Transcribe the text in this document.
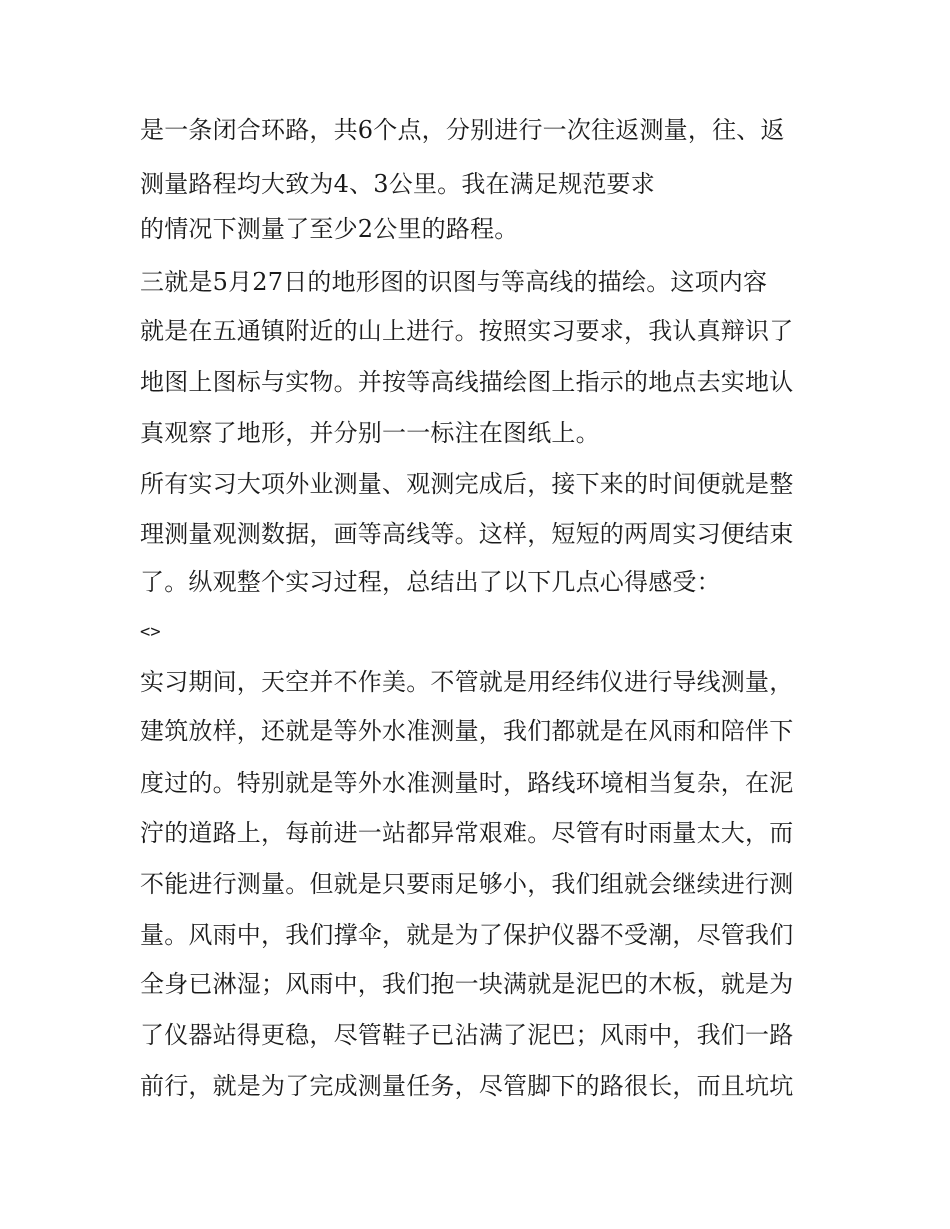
是一条闭合环路，共6个点，分别进行一次往返测量，往、返
测量路程均大致为4、3公里。我在满足规范要求
的情况下测量了至少2公里的路程。
三就是5月27日的地形图的识图与等高线的描绘。这项内容
就是在五通镇附近的山上进行。按照实习要求，我认真辩识了
地图上图标与实物。并按等高线描绘图上指示的地点去实地认
真观察了地形，并分别一一标注在图纸上。
所有实习大项外业测量、观测完成后，接下来的时间便就是整
理测量观测数据，画等高线等。这样，短短的两周实习便结束
了。纵观整个实习过程，总结出了以下几点心得感受：
<>
实习期间，天空并不作美。不管就是用经纬仪进行导线测量，
建筑放样，还就是等外水准测量，我们都就是在风雨和陪伴下
度过的。特别就是等外水准测量时，路线环境相当复杂，在泥
泞的道路上，每前进一站都异常艰难。尽管有时雨量太大，而
不能进行测量。但就是只要雨足够小，我们组就会继续进行测
量。风雨中，我们撑伞，就是为了保护仪器不受潮，尽管我们
全身已淋湿；风雨中，我们抱一块满就是泥巴的木板，就是为
了仪器站得更稳，尽管鞋子已沾满了泥巴；风雨中，我们一路
前行，就是为了完成测量任务，尽管脚下的路很长，而且坑坑
